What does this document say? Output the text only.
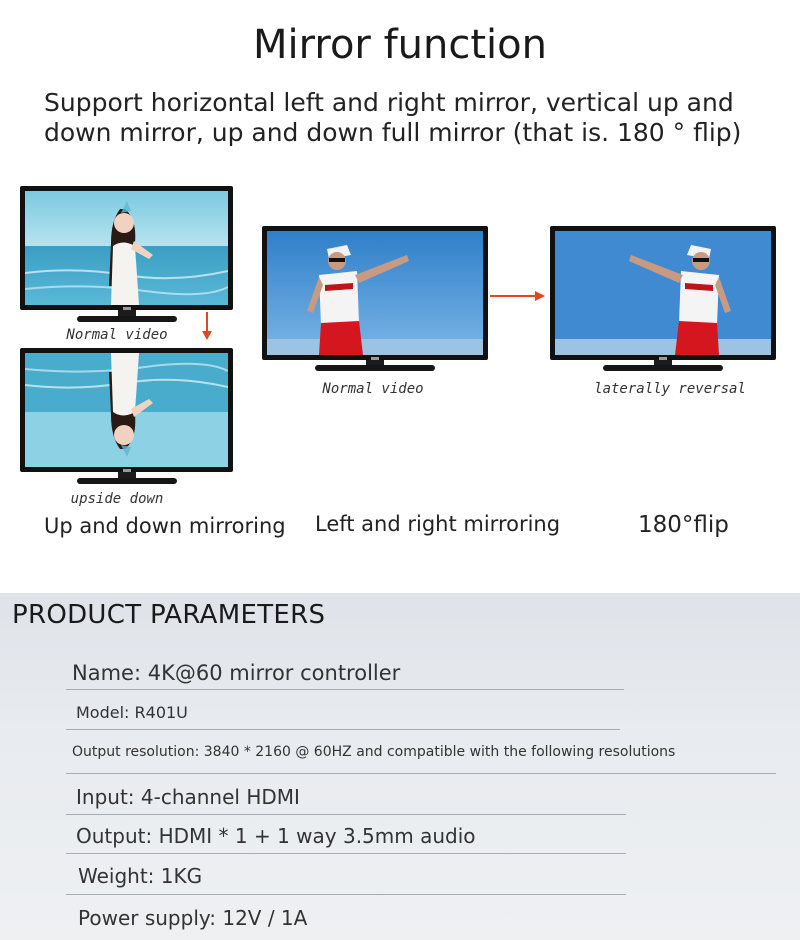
Mirror function
Support horizontal left and right mirror, vertical up and down mirror, up and down full mirror (that is. 180 ° flip)
Normal video
upside down
Normal video	laterally reversal
Up and down mirroring Left and right mirroring	180°flip
PRODUCT PARAMETERS
Name: 4K@60 mirror controller
Model: R401U
Output resolution: 3840 * 2160 @ 60HZ and compatible with the following resolutions
Input: 4-channel HDMI
Output: HDMI * 1 + 1 way 3.5mm audio
Weight: 1KG
Power supply: 12V / 1A
